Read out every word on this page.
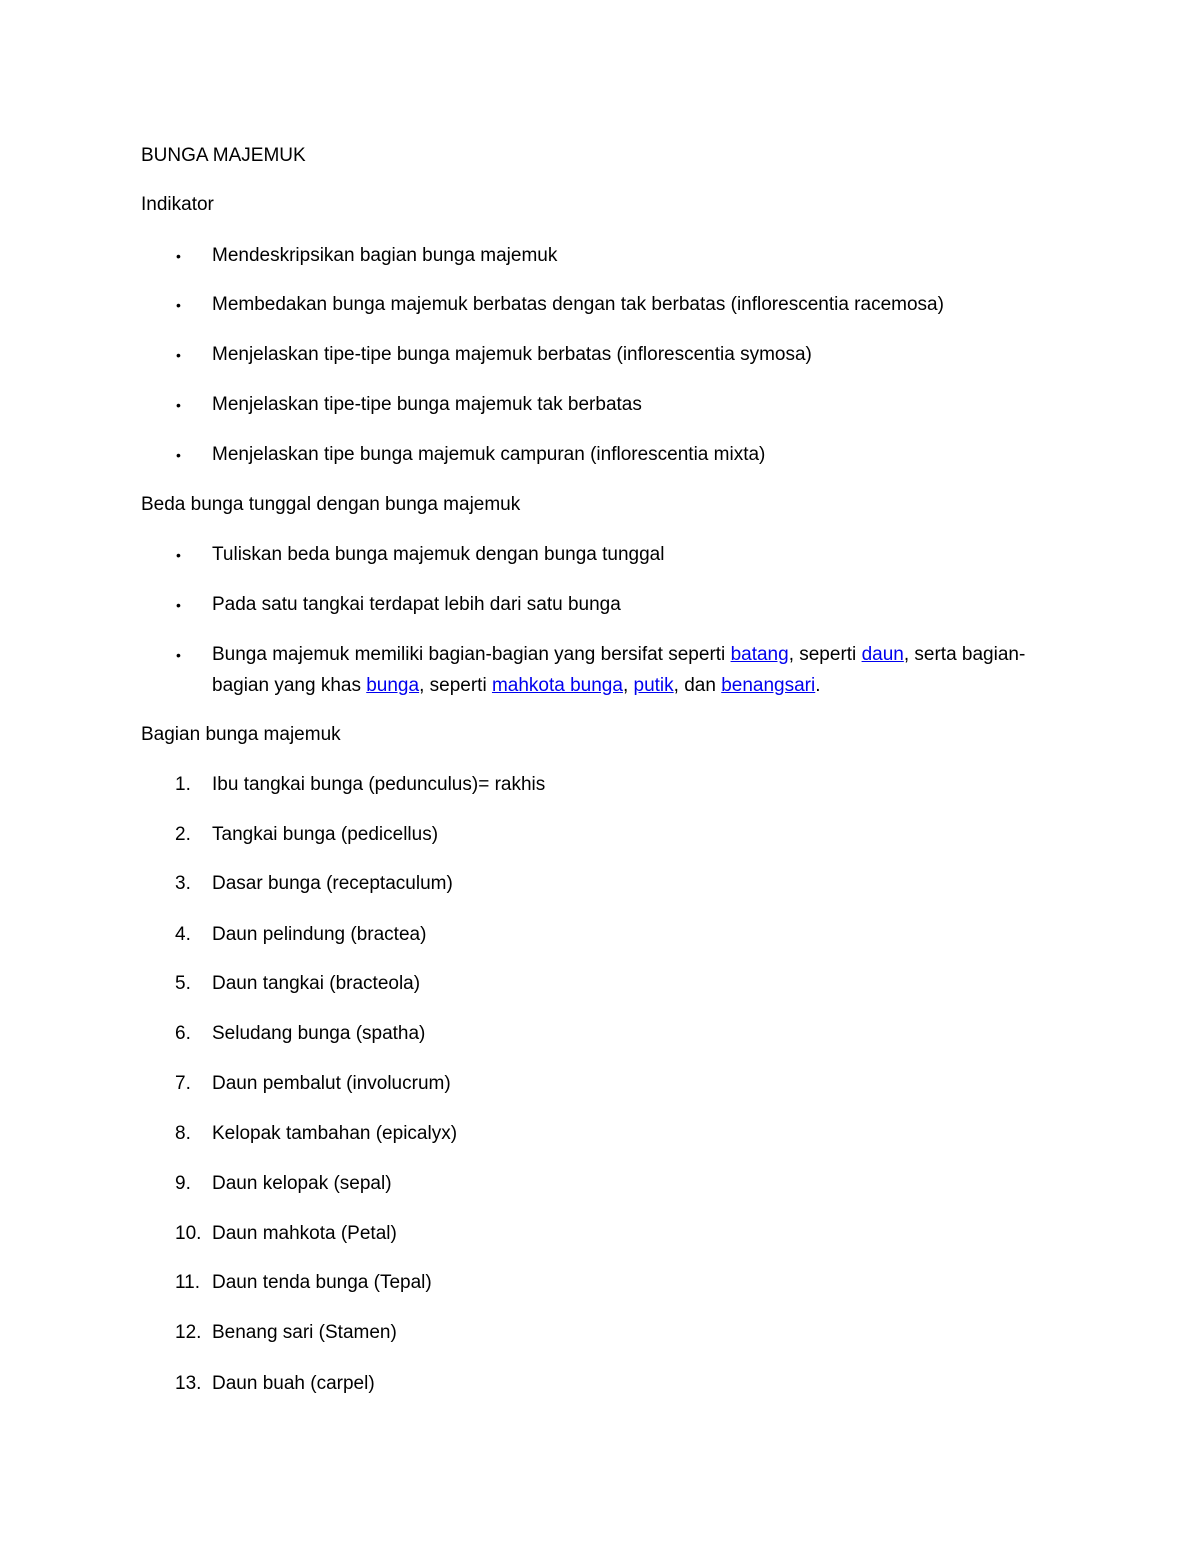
BUNGA MAJEMUK
Indikator
• Mendeskripsikan bagian bunga majemuk
• Membedakan bunga majemuk berbatas dengan tak berbatas (inflorescentia racemosa)
• Menjelaskan tipe-tipe bunga majemuk berbatas (inflorescentia symosa)
• Menjelaskan tipe-tipe bunga majemuk tak berbatas
• Menjelaskan tipe bunga majemuk campuran (inflorescentia mixta)
Beda bunga tunggal dengan bunga majemuk
• Tuliskan beda bunga majemuk dengan bunga tunggal
• Pada satu tangkai terdapat lebih dari satu bunga
• Bunga majemuk memiliki bagian-bagian yang bersifat seperti batang, seperti daun, serta bagian-
bagian yang khas bunga, seperti mahkota bunga, putik, dan benangsari.
Bagian bunga majemuk
1. Ibu tangkai bunga (pedunculus)= rakhis
2. Tangkai bunga (pedicellus)
3. Dasar bunga (receptaculum)
4. Daun pelindung (bractea)
5. Daun tangkai (bracteola)
6. Seludang bunga (spatha)
7. Daun pembalut (involucrum)
8. Kelopak tambahan (epicalyx)
9. Daun kelopak (sepal)
10. Daun mahkota (Petal)
11. Daun tenda bunga (Tepal)
12. Benang sari (Stamen)
13. Daun buah (carpel)
